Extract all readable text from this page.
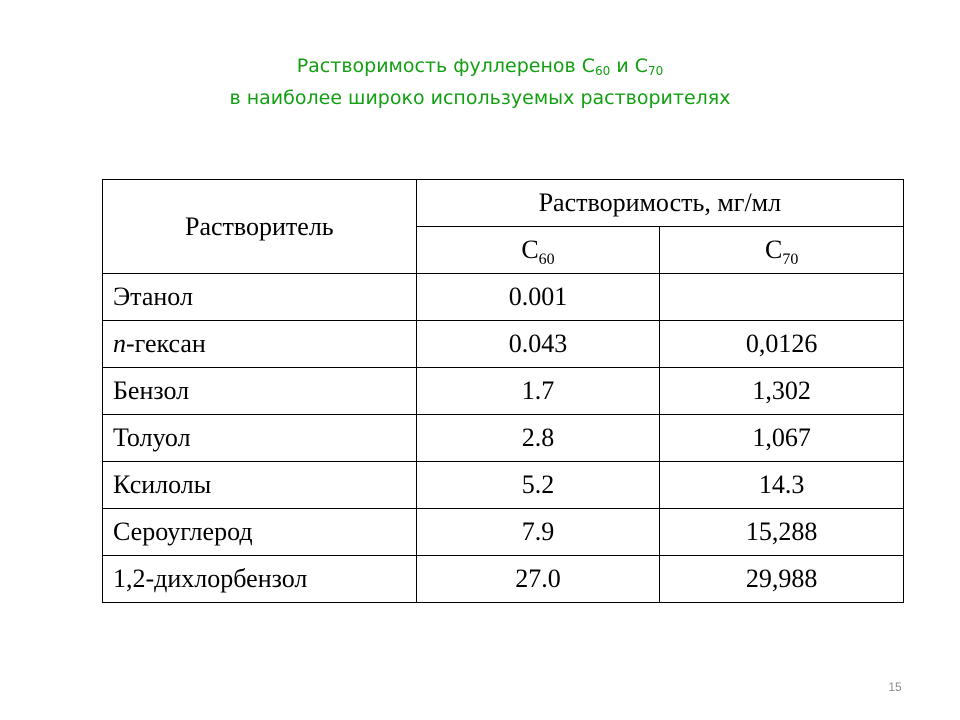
Растворимость фуллеренов $C_{60}$ и $C_{70}$
в наиболее широко используемых растворителях
Растворитель	Растворимость, мг/мл	
	$C_{60}$	$C_{70}$
Этанол	0.001	
n-гексан	0.043	0,0126
Бензол	1.7	1,302
Толуол	2.8	1,067
Ксилолы	5.2	14.3
Сероуглерод	7.9	15,288
1,2-дихлорбензол	27.0	29,988
15
